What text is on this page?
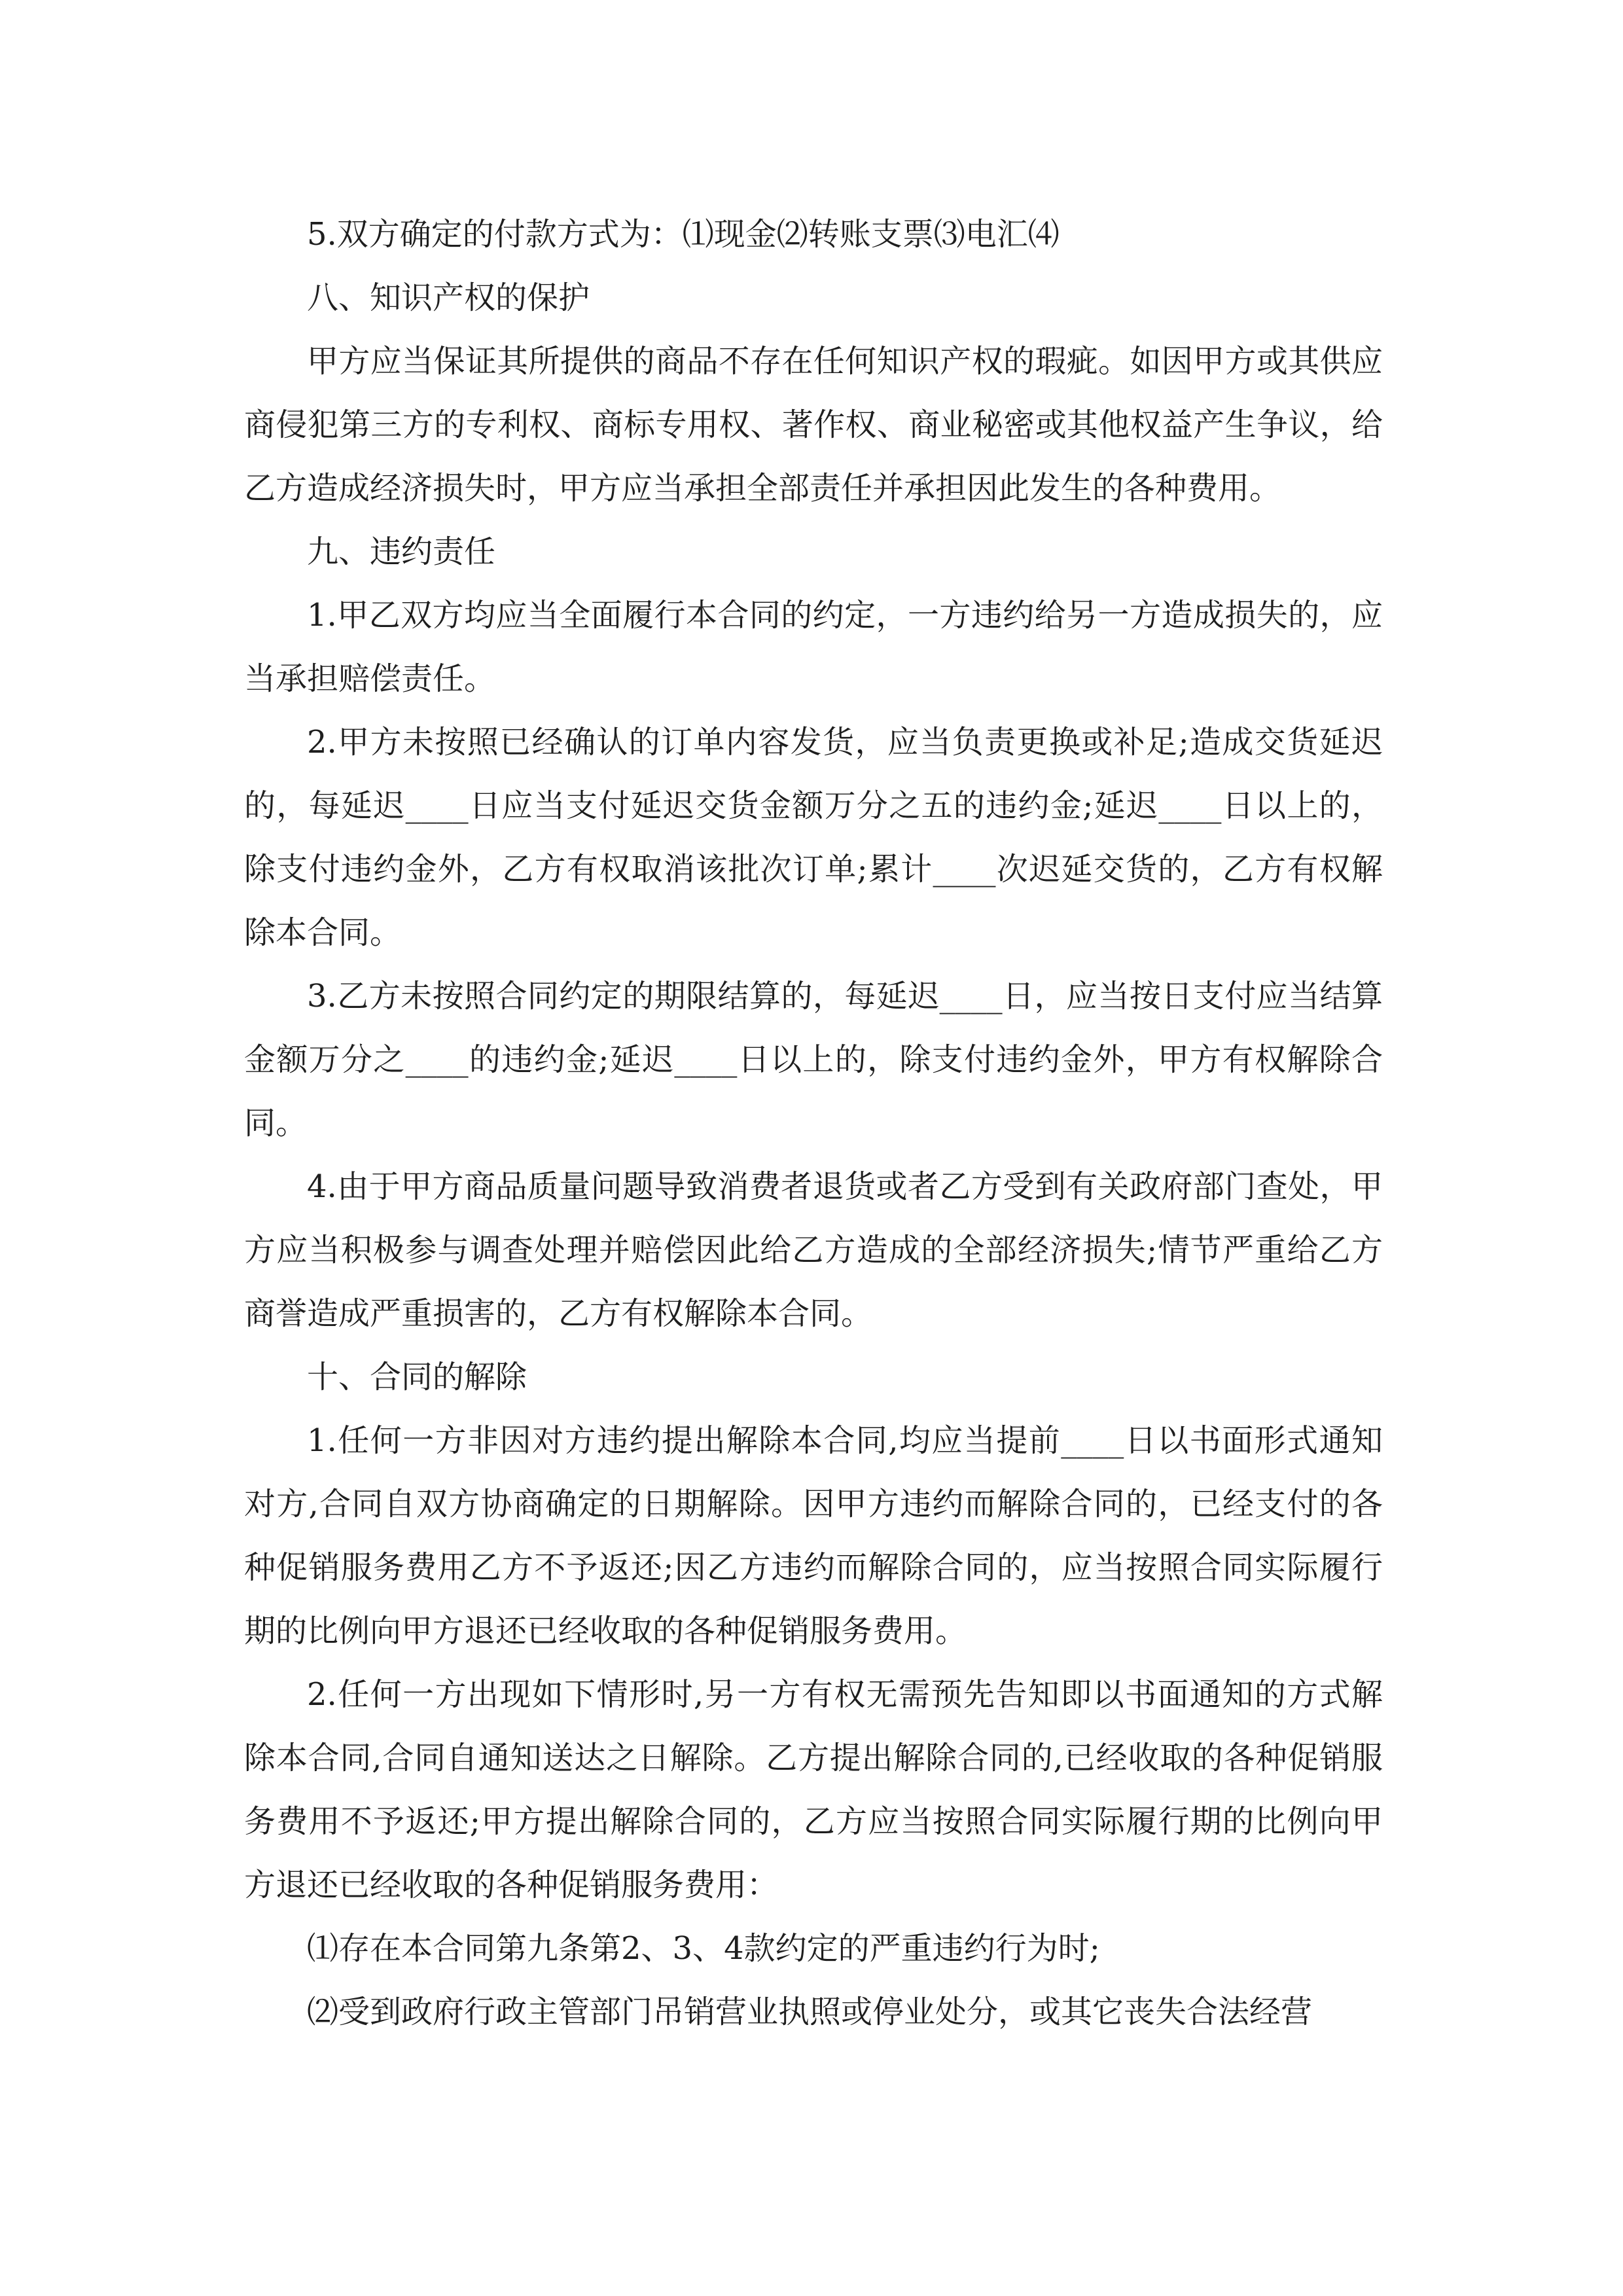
5.双方确定的付款方式为：⑴现金⑵转账支票⑶电汇⑷

八、知识产权的保护

甲方应当保证其所提供的商品不存在任何知识产权的瑕疵。如因甲方或其供应商侵犯第三方的专利权、商标专用权、著作权、商业秘密或其他权益产生争议，给乙方造成经济损失时，甲方应当承担全部责任并承担因此发生的各种费用。

九、违约责任

1.甲乙双方均应当全面履行本合同的约定，一方违约给另一方造成损失的，应当承担赔偿责任。

2.甲方未按照已经确认的订单内容发货，应当负责更换或补足;造成交货延迟的，每延迟____日应当支付延迟交货金额万分之五的违约金;延迟____日以上的，除支付违约金外，乙方有权取消该批次订单;累计____次迟延交货的，乙方有权解除本合同。

3.乙方未按照合同约定的期限结算的，每延迟____日，应当按日支付应当结算金额万分之____的违约金;延迟____日以上的，除支付违约金外，甲方有权解除合同。

4.由于甲方商品质量问题导致消费者退货或者乙方受到有关政府部门查处，甲方应当积极参与调查处理并赔偿因此给乙方造成的全部经济损失;情节严重给乙方商誉造成严重损害的，乙方有权解除本合同。

十、合同的解除

1.任何一方非因对方违约提出解除本合同,均应当提前____日以书面形式通知对方,合同自双方协商确定的日期解除。因甲方违约而解除合同的，已经支付的各种促销服务费用乙方不予返还;因乙方违约而解除合同的，应当按照合同实际履行期的比例向甲方退还已经收取的各种促销服务费用。

2.任何一方出现如下情形时,另一方有权无需预先告知即以书面通知的方式解除本合同,合同自通知送达之日解除。乙方提出解除合同的,已经收取的各种促销服务费用不予返还;甲方提出解除合同的，乙方应当按照合同实际履行期的比例向甲方退还已经收取的各种促销服务费用：

⑴存在本合同第九条第2、3、4款约定的严重违约行为时;

⑵受到政府行政主管部门吊销营业执照或停业处分，或其它丧失合法经营
